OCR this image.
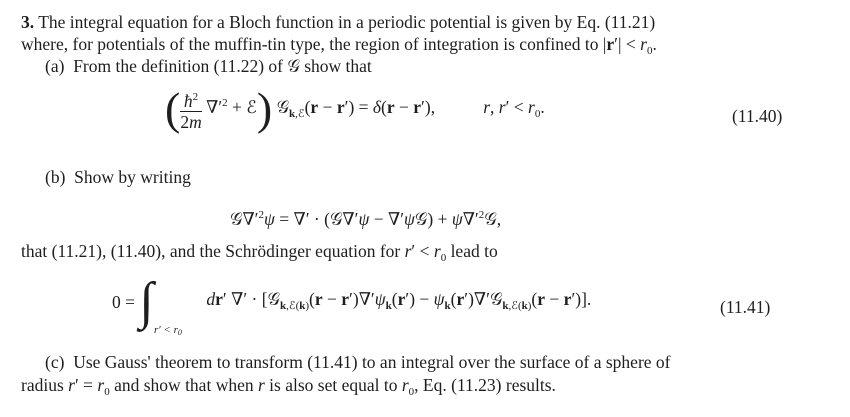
3. The integral equation for a Bloch function in a periodic potential is given by Eq. (11.21)
where, for potentials of the muffin-tin type, the region of integration is confined to $|r'| < r_0$.
(a) From the definition (11.22) of 𝒢 show that
( $\frac{ħ^2}{2m} \nabla'^2$ + ℰ) 𝒢$_{k,ℰ}$(r − r′) = δ(r − r′),           r, $r' < r_0$.	(11.40)
(b) Show by writing
$𝒢\nabla'^2\psi$ = ∇′ · (𝒢∇′ψ − ∇′ψ𝒢) + $\psi\nabla'^2𝒢$,
that (11.21), (11.40), and the Schrödinger equation for $r' < r_0$ lead to
0 = ∫	dr′ ∇′ · [𝒢$_{k,ℰ(k)}$(r − $r')\nabla'\psi_k(r')$ − $\psi_k(r')\nabla'𝒢_{k,ℰ(k)}(r - r')$].
r′ < r0
(11.41)
(c) Use Gauss' theorem to transform (11.41) to an integral over the surface of a sphere of
radius $r' = r_0$ and show that when r is also set equal to $r_0$, Eq. (11.23) results.
